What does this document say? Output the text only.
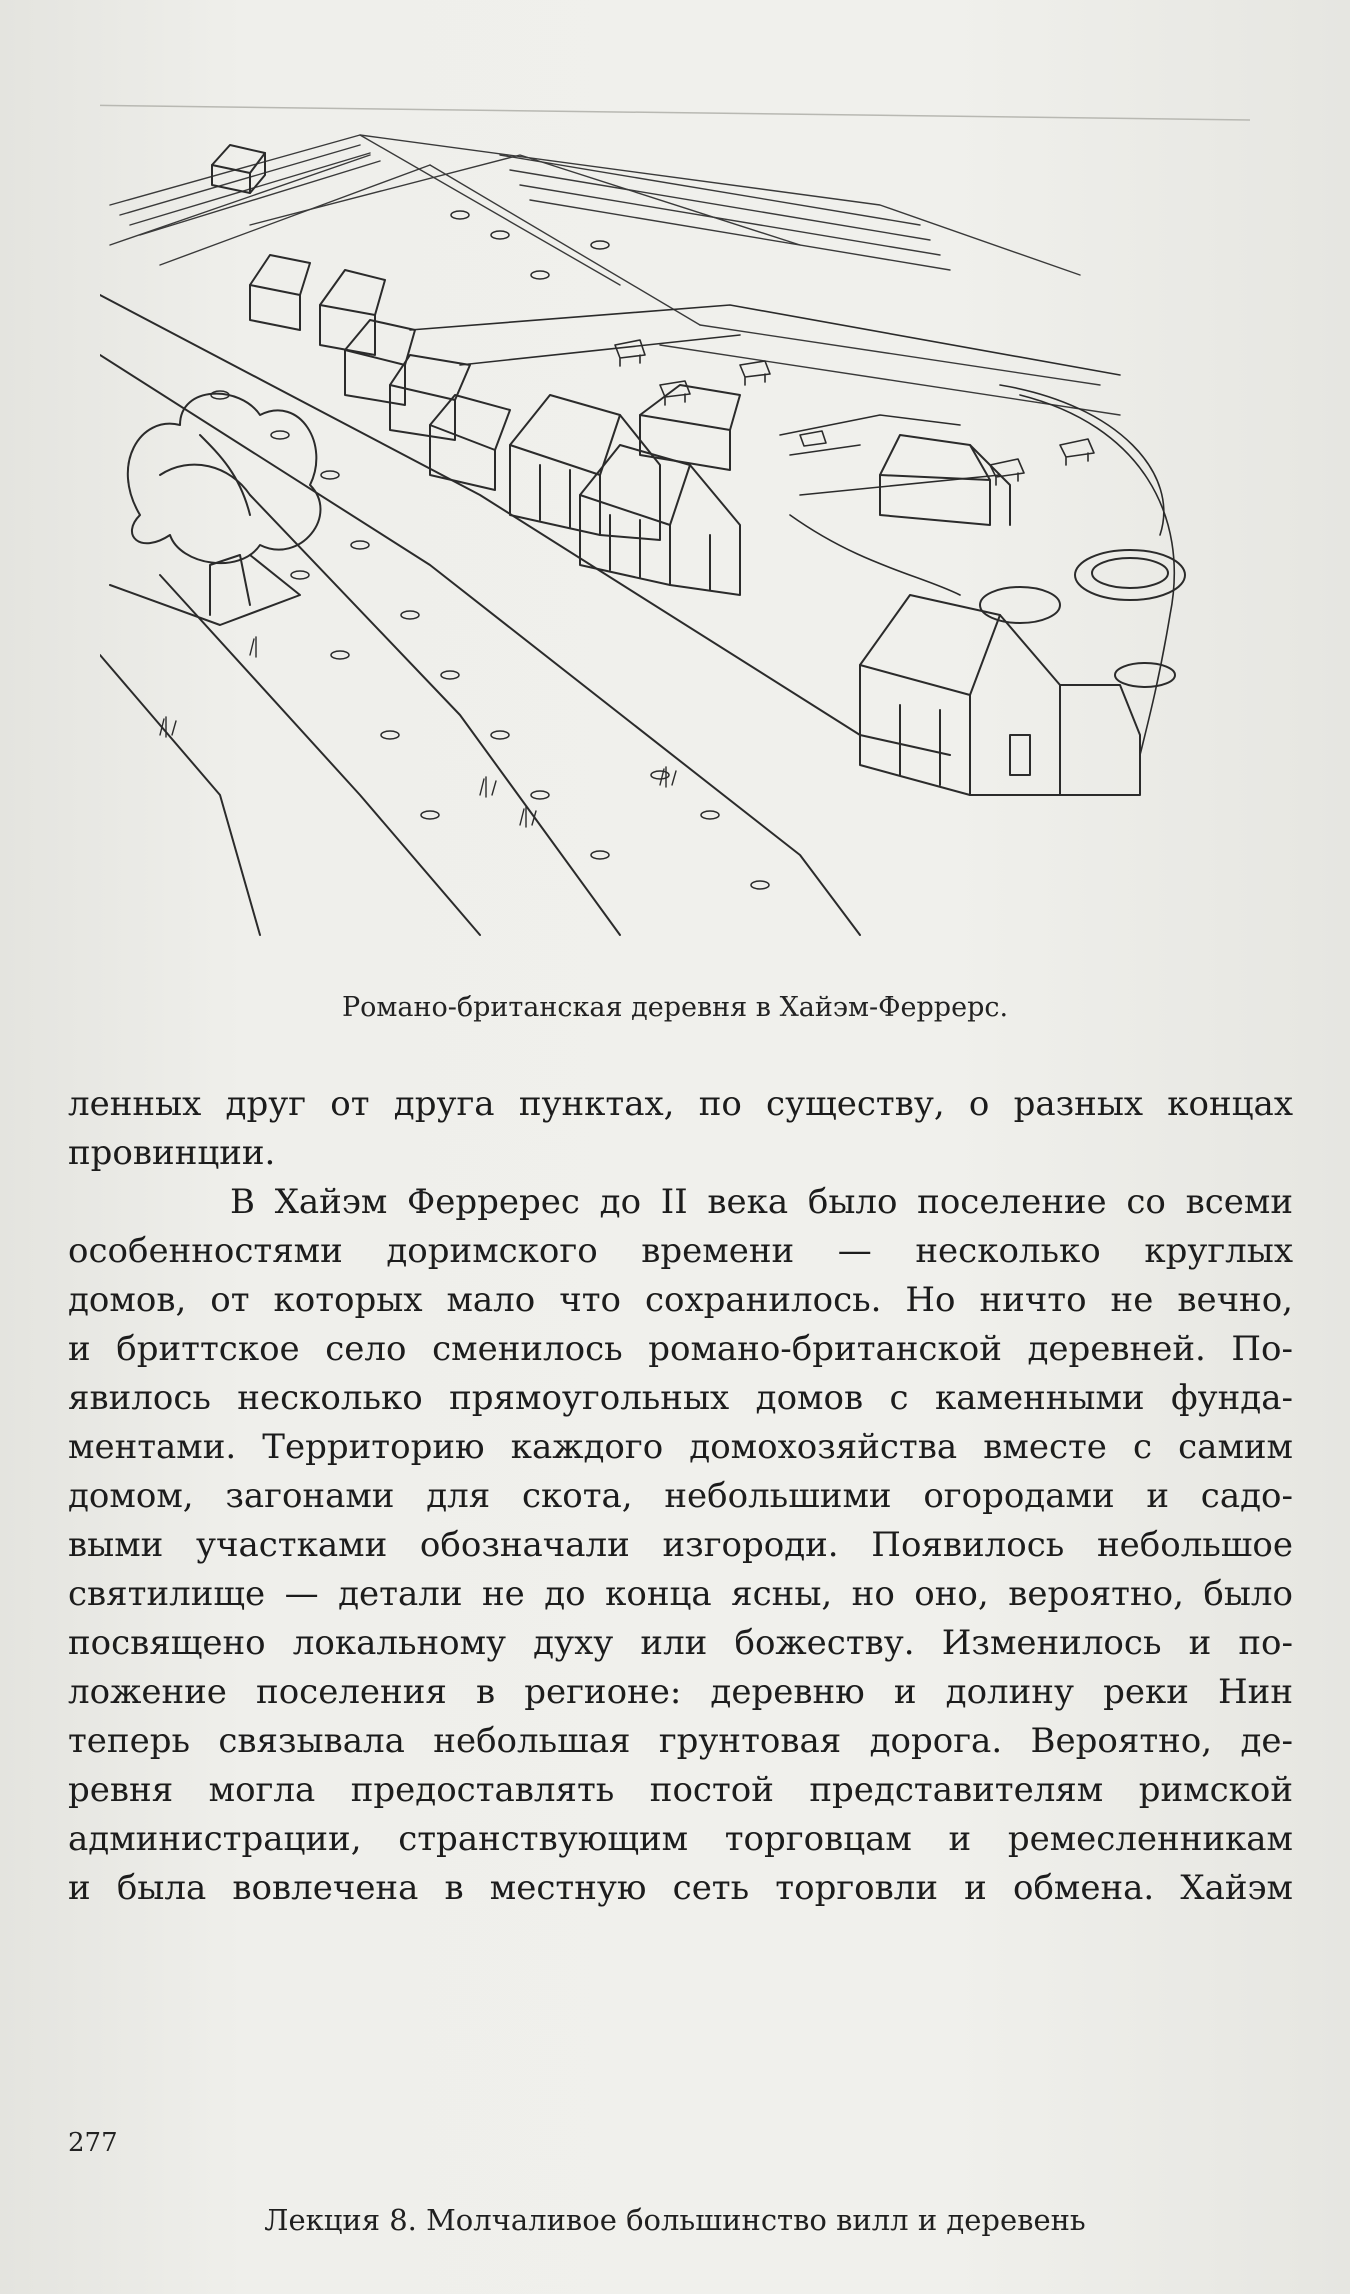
Романо-британская деревня в Хайэм-Феррерс.
ленных друг от друга пунктах, по существу, о разных концах
провинции.
В Хайэм Ферререс до II века было поселение со всеми
особенностями доримского времени — несколько круглых
домов, от которых мало что сохранилось. Но ничто не вечно,
и бриттское село сменилось романо-британской деревней. По-
явилось несколько прямоугольных домов с каменными фунда-
ментами. Территорию каждого домохозяйства вместе с самим
домом, загонами для скота, небольшими огородами и садо-
выми участками обозначали изгороди. Появилось небольшое
святилище — детали не до конца ясны, но оно, вероятно, было
посвящено локальному духу или божеству. Изменилось и по-
ложение поселения в регионе: деревню и долину реки Нин
теперь связывала небольшая грунтовая дорога. Вероятно, де-
ревня могла предоставлять постой представителям римской
администрации, странствующим торговцам и ремесленникам
и была вовлечена в местную сеть торговли и обмена. Хайэм
277
Лекция 8. Молчаливое большинство вилл и деревень
